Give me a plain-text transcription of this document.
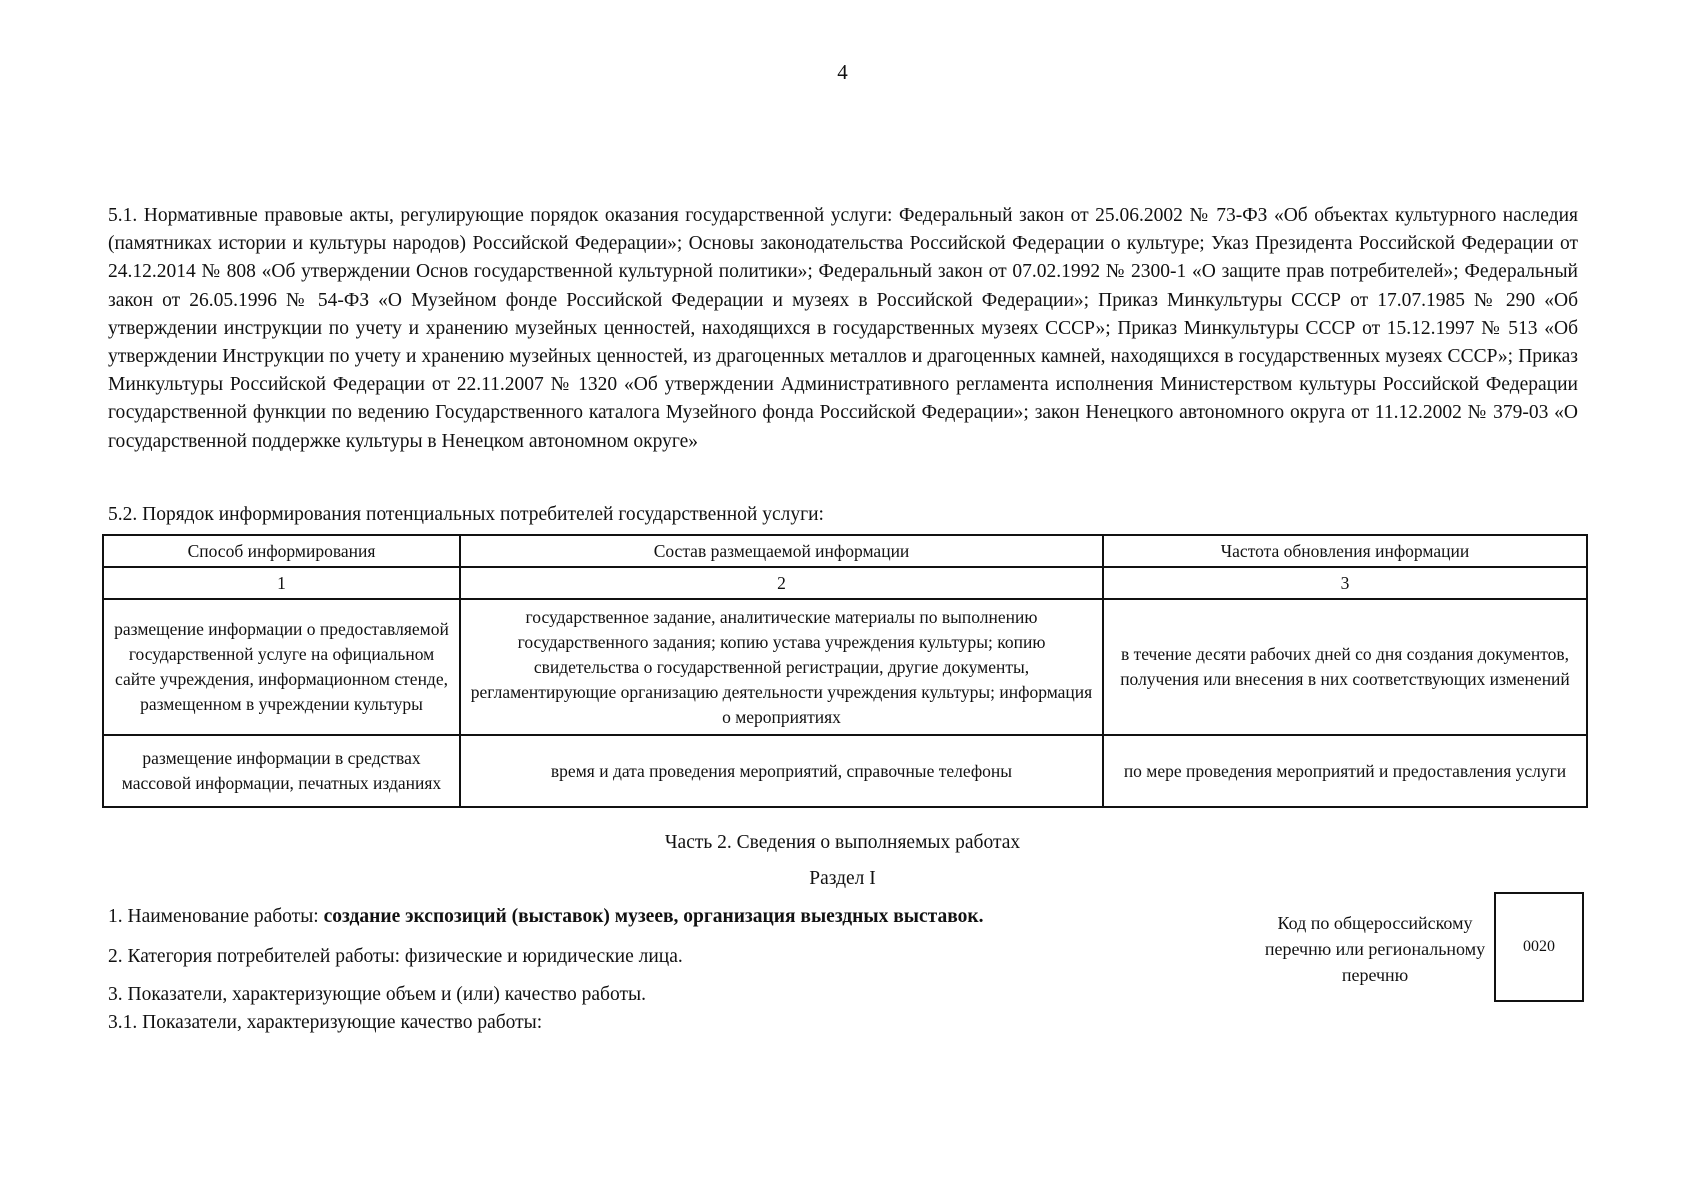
4
5.1. Нормативные правовые акты, регулирующие порядок оказания государственной услуги: Федеральный закон от 25.06.2002 № 73-ФЗ «Об объектах культурного наследия (памятниках истории и культуры народов) Российской Федерации»; Основы законодательства Российской Федерации о культуре; Указ Президента Российской Федерации от 24.12.2014 № 808 «Об утверждении Основ государственной культурной политики»; Федеральный закон от 07.02.1992 № 2300-1 «О защите прав потребителей»; Федеральный закон от 26.05.1996 № 54-ФЗ «О Музейном фонде Российской Федерации и музеях в Российской Федерации»; Приказ Минкультуры СССР от 17.07.1985 № 290 «Об утверждении инструкции по учету и хранению музейных ценностей, находящихся в государственных музеях СССР»; Приказ Минкультуры СССР от 15.12.1997 № 513 «Об утверждении Инструкции по учету и хранению музейных ценностей, из драгоценных металлов и драгоценных камней, находящихся в государственных музеях СССР»; Приказ Минкультуры Российской Федерации от 22.11.2007 № 1320 «Об утверждении Административного регламента исполнения Министерством культуры Российской Федерации государственной функции по ведению Государственного каталога Музейного фонда Российской Федерации»; закон Ненецкого автономного округа от 11.12.2002 № 379-03 «О государственной поддержке культуры в Ненецком автономном округе»
5.2. Порядок информирования потенциальных потребителей государственной услуги:
Способ информирования	Состав размещаемой информации	Частота обновления информации
1	2	3
размещение информации о предоставляемой государственной услуге на официальном сайте учреждения, информационном стенде, размещенном в учреждении культуры	государственное задание, аналитические материалы по выполнению государственного задания; копию устава учреждения культуры; копию свидетельства о государственной регистрации, другие документы, регламентирующие организацию деятельности учреждения культуры; информация о мероприятиях	в течение десяти рабочих дней со дня создания документов, получения или внесения в них соответствующих изменений
размещение информации в средствах массовой информации, печатных изданиях	время и дата проведения мероприятий, справочные телефоны	по мере проведения мероприятий и предоставления услуги
Часть 2. Сведения о выполняемых работах
Раздел I
1. Наименование работы: создание экспозиций (выставок) музеев, организация выездных выставок.
2. Категория потребителей работы: физические и юридические лица.
3. Показатели, характеризующие объем и (или) качество работы.
3.1. Показатели, характеризующие качество работы:
Код по общероссийскому перечню или региональному перечню
0020
